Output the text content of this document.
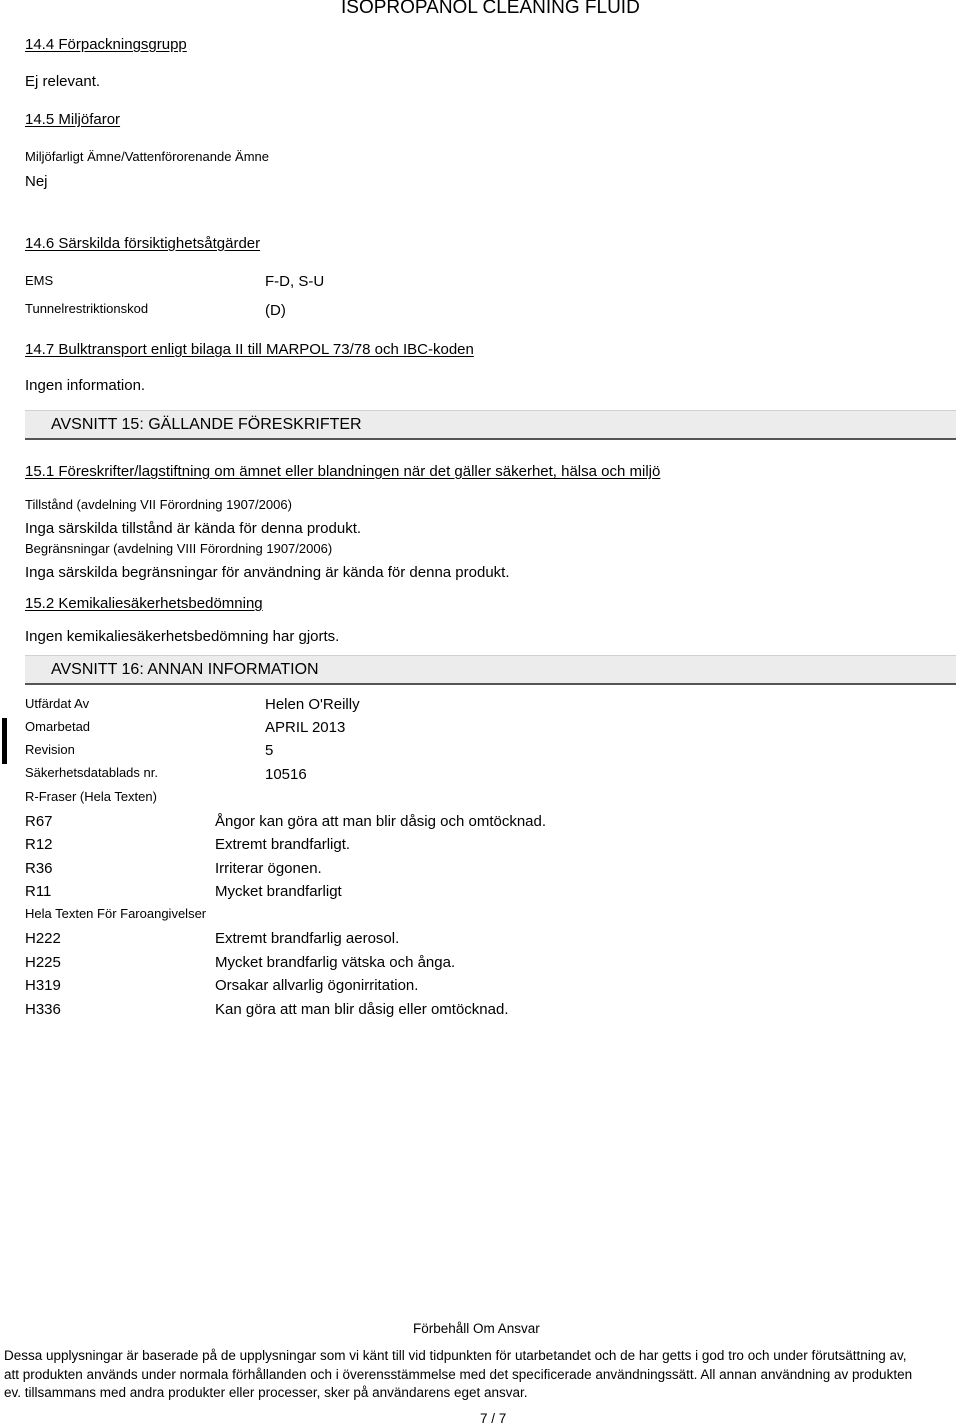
ISOPROPANOL CLEANING FLUID
14.4 Förpackningsgrupp
Ej relevant.
14.5 Miljöfaror
Miljöfarligt Ämne/Vattenförorenande Ämne
Nej
14.6 Särskilda försiktighetsåtgärder
EMS	F-D, S-U
Tunnelrestriktionskod	(D)
14.7 Bulktransport enligt bilaga II till MARPOL 73/78 och IBC-koden
Ingen information.
AVSNITT 15: GÄLLANDE FÖRESKRIFTER
15.1 Föreskrifter/lagstiftning om ämnet eller blandningen när det gäller säkerhet, hälsa och miljö
Tillstånd (avdelning VII Förordning 1907/2006)
Inga särskilda tillstånd är kända för denna produkt.
Begränsningar (avdelning VIII Förordning 1907/2006)
Inga särskilda begränsningar för användning är kända för denna produkt.
15.2 Kemikaliesäkerhetsbedömning
Ingen kemikaliesäkerhetsbedömning har gjorts.
AVSNITT 16: ANNAN INFORMATION
Utfärdat Av	Helen O'Reilly
Omarbetad	APRIL 2013
Revision	5
Säkerhetsdatablads nr.	10516
R-Fraser (Hela Texten)
R67	Ångor kan göra att man blir dåsig och omtöcknad.
R12	Extremt brandfarligt.
R36	Irriterar ögonen.
R11	Mycket brandfarligt
Hela Texten För Faroangivelser
H222	Extremt brandfarlig aerosol.
H225	Mycket brandfarlig vätska och ånga.
H319	Orsakar allvarlig ögonirritation.
H336	Kan göra att man blir dåsig eller omtöcknad.
Förbehåll Om Ansvar
Dessa upplysningar är baserade på de upplysningar som vi känt till vid tidpunkten för utarbetandet och de har getts i god tro och under förutsättning av,
att produkten används under normala förhållanden och i överensstämmelse med det specificerade användningssätt. All annan användning av produkten
ev. tillsammans med andra produkter eller processer, sker på användarens eget ansvar.
7 / 7
